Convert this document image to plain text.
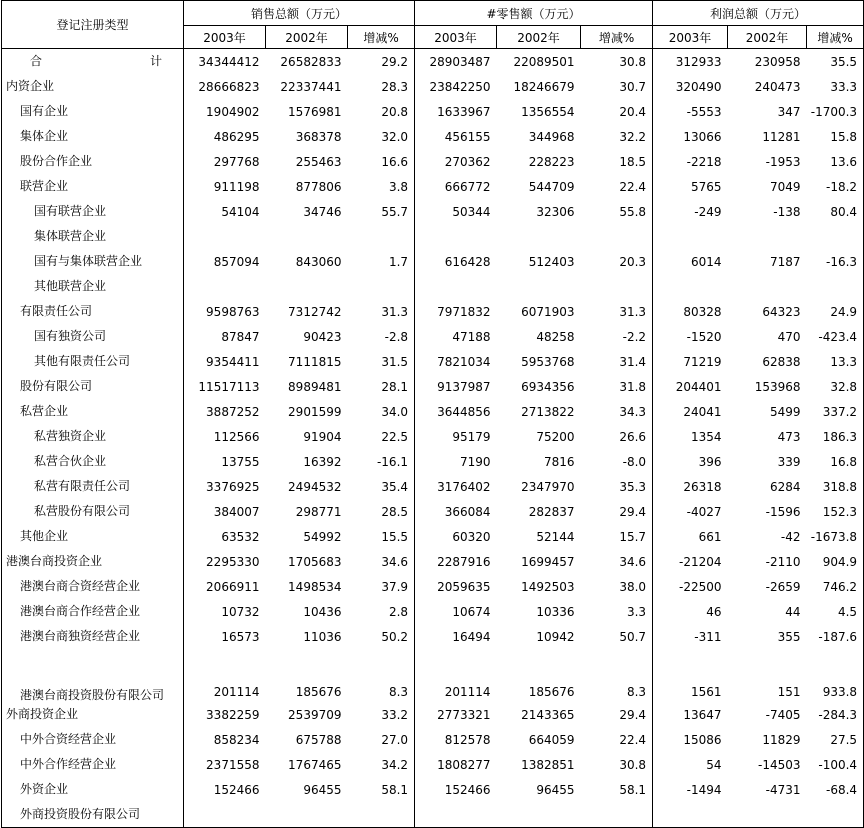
登记注册类型	销售总额（万元）			#零售额（万元）			利润总额（万元）		
	2003年	2002年	增减%	2003年	2002年	增减%	2003年	2002年	增减%
合　　计	34344412	26582833	29.2	28903487	22089501	30.8	312933	230958	35.5
内资企业	28666823	22337441	28.3	23842250	18246679	30.7	320490	240473	33.3
国有企业	1904902	1576981	20.8	1633967	1356554	20.4	-5553	347	-1700.3
集体企业	486295	368378	32.0	456155	344968	32.2	13066	11281	15.8
股份合作企业	297768	255463	16.6	270362	228223	18.5	-2218	-1953	13.6
联营企业	911198	877806	3.8	666772	544709	22.4	5765	7049	-18.2
国有联营企业	54104	34746	55.7	50344	32306	55.8	-249	-138	80.4
集体联营企业									
国有与集体联营企业	857094	843060	1.7	616428	512403	20.3	6014	7187	-16.3
其他联营企业									
有限责任公司	9598763	7312742	31.3	7971832	6071903	31.3	80328	64323	24.9
国有独资公司	87847	90423	-2.8	47188	48258	-2.2	-1520	470	-423.4
其他有限责任公司	9354411	7111815	31.5	7821034	5953768	31.4	71219	62838	13.3
股份有限公司	11517113	8989481	28.1	9137987	6934356	31.8	204401	153968	32.8
私营企业	3887252	2901599	34.0	3644856	2713822	34.3	24041	5499	337.2
私营独资企业	112566	91904	22.5	95179	75200	26.6	1354	473	186.3
私营合伙企业	13755	16392	-16.1	7190	7816	-8.0	396	339	16.8
私营有限责任公司	3376925	2494532	35.4	3176402	2347970	35.3	26318	6284	318.8
私营股份有限公司	384007	298771	28.5	366084	282837	29.4	-4027	-1596	152.3
其他企业	63532	54992	15.5	60320	52144	15.7	661	-42	-1673.8
港澳台商投资企业	2295330	1705683	34.6	2287916	1699457	34.6	-21204	-2110	904.9
港澳台商合资经营企业	2066911	1498534	37.9	2059635	1492503	38.0	-22500	-2659	746.2
港澳台商合作经营企业	10732	10436	2.8	10674	10336	3.3	46	44	4.5
港澳台商独资经营企业	16573	11036	50.2	16494	10942	50.7	-311	355	-187.6
港澳台商投资股份有限公司	201114	185676	8.3	201114	185676	8.3	1561	151	933.8
外商投资企业	3382259	2539709	33.2	2773321	2143365	29.4	13647	-7405	-284.3
中外合资经营企业	858234	675788	27.0	812578	664059	22.4	15086	11829	27.5
中外合作经营企业	2371558	1767465	34.2	1808277	1382851	30.8	54	-14503	-100.4
外资企业	152466	96455	58.1	152466	96455	58.1	-1494	-4731	-68.4
外商投资股份有限公司									
